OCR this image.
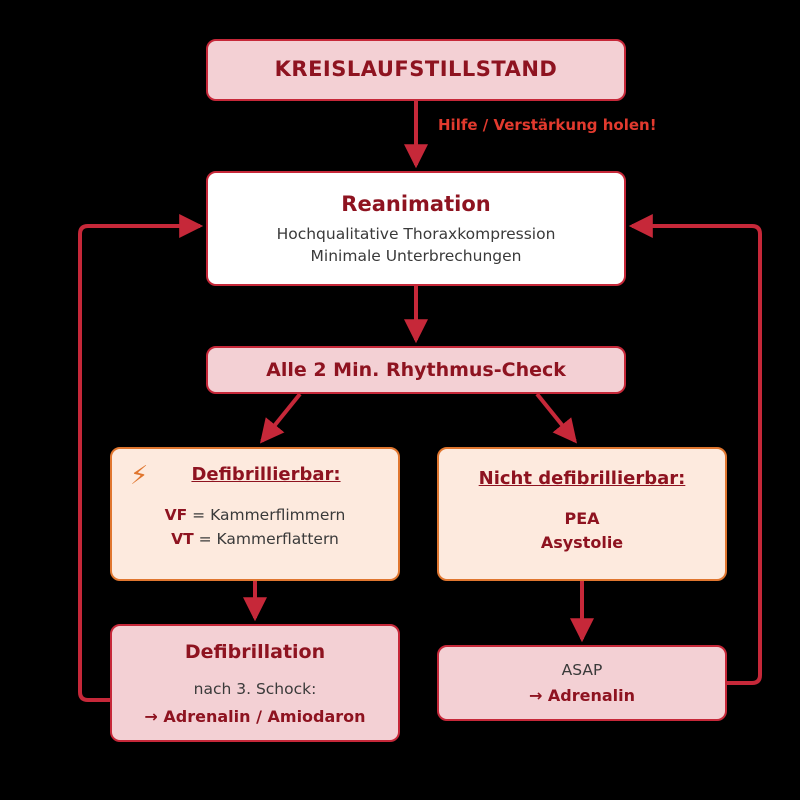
Hilfe / Verstärkung holen!
KREISLAUFSTILLSTAND
Reanimation
Hochqualitative Thoraxkompression
Minimale Unterbrechungen
Alle 2 Min. Rhythmus-Check
⚡ Defibrillierbar:
VF = Kammerflimmern
VT = Kammerflattern
Nicht defibrillierbar:
PEA
Asystolie
Defibrillation
nach 3. Schock:
→ Adrenalin / Amiodaron
ASAP
→ Adrenalin
